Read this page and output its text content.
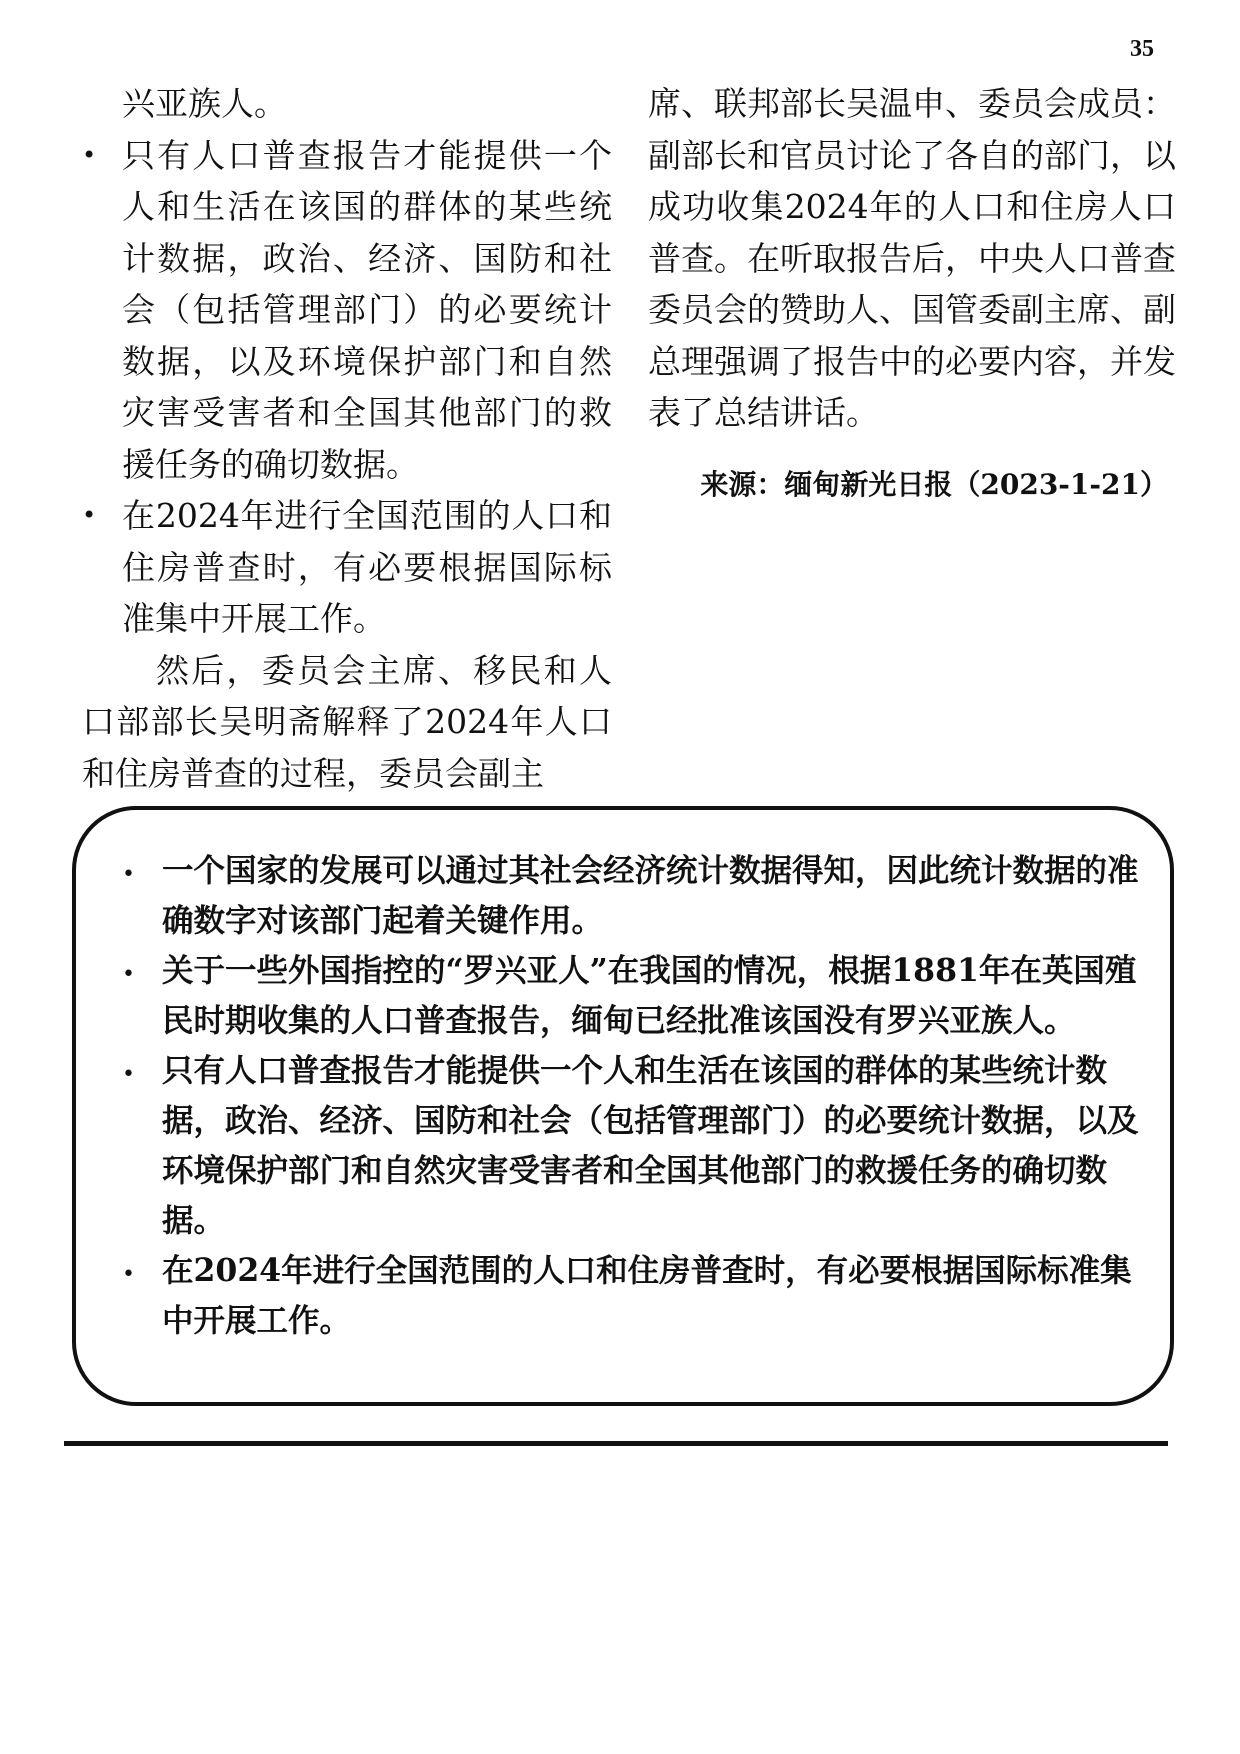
35

兴亚族人。

• 只有人口普查报告才能提供一个人和生活在该国的群体的某些统计数据，政治、经济、国防和社会（包括管理部门）的必要统计数据，以及环境保护部门和自然灾害受害者和全国其他部门的救援任务的确切数据。
• 在2024年进行全国范围的人口和住房普查时，有必要根据国际标准集中开展工作。

然后，委员会主席、移民和人口部部长吴明斋解释了2024年人口和住房普查的过程，委员会副主

席、联邦部长吴温申、委员会成员：副部长和官员讨论了各自的部门，以成功收集2024年的人口和住房人口普查。在听取报告后，中央人口普查委员会的赞助人、国管委副主席、副总理强调了报告中的必要内容，并发表了总结讲话。

来源：缅甸新光日报（2023-1-21）
• 一个国家的发展可以通过其社会经济统计数据得知，因此统计数据的准确数字对该部门起着关键作用。
• 关于一些外国指控的“罗兴亚人”在我国的情况，根据1881年在英国殖民时期收集的人口普查报告，缅甸已经批准该国没有罗兴亚族人。
• 只有人口普查报告才能提供一个人和生活在该国的群体的某些统计数据，政治、经济、国防和社会（包括管理部门）的必要统计数据，以及环境保护部门和自然灾害受害者和全国其他部门的救援任务的确切数据。
• 在2024年进行全国范围的人口和住房普查时，有必要根据国际标准集中开展工作。
